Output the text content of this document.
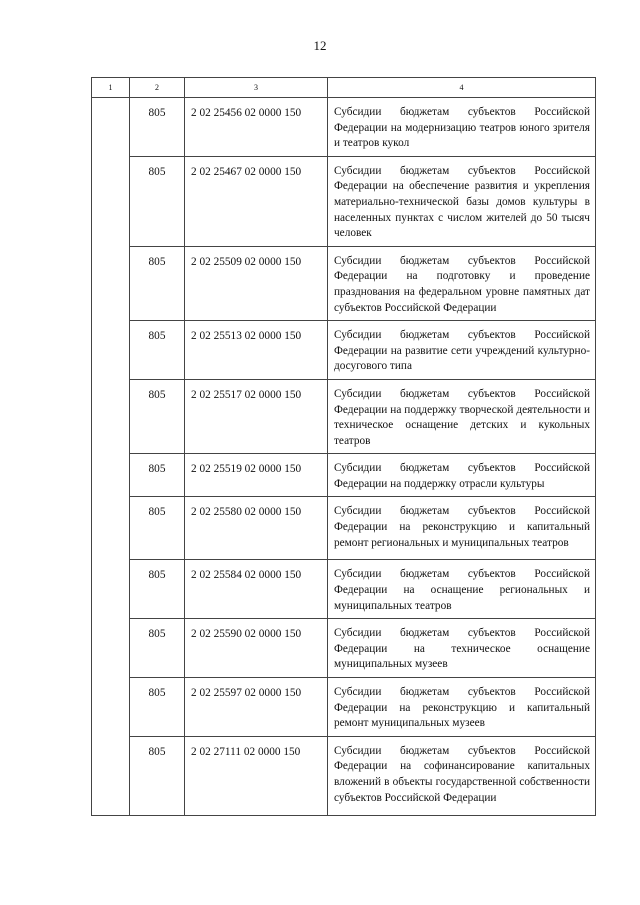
12
1	2	3	4
	805	2 02 25456 02 0000 150	Субсидии бюджетам субъектов Российской Федерации на модернизацию театров юного зрителя и театров кукол
	805	2 02 25467 02 0000 150	Субсидии бюджетам субъектов Российской Федерации на обеспечение развития и укрепления материально-технической базы домов культуры в населенных пунктах с числом жителей до 50 тысяч человек
	805	2 02 25509 02 0000 150	Субсидии бюджетам субъектов Российской Федерации на подготовку и проведение празднования на федеральном уровне памятных дат субъектов Российской Федерации
	805	2 02 25513 02 0000 150	Субсидии бюджетам субъектов Российской Федерации на развитие сети учреждений культурно-досугового типа
	805	2 02 25517 02 0000 150	Субсидии бюджетам субъектов Российской Федерации на поддержку творческой деятельности и техническое оснащение детских и кукольных театров
	805	2 02 25519 02 0000 150	Субсидии бюджетам субъектов Российской Федерации на поддержку отрасли культуры
	805	2 02 25580 02 0000 150	Субсидии бюджетам субъектов Российской Федерации на реконструкцию и капитальный ремонт региональных и муниципальных театров
	805	2 02 25584 02 0000 150	Субсидии бюджетам субъектов Российской Федерации на оснащение региональных и муниципальных театров
	805	2 02 25590 02 0000 150	Субсидии бюджетам субъектов Российской Федерации на техническое оснащение муниципальных музеев
	805	2 02 25597 02 0000 150	Субсидии бюджетам субъектов Российской Федерации на реконструкцию и капитальный ремонт муниципальных музеев
	805	2 02 27111 02 0000 150	Субсидии бюджетам субъектов Российской Федерации на софинансирование капитальных вложений в объекты государственной собственности субъектов Российской Федерации
